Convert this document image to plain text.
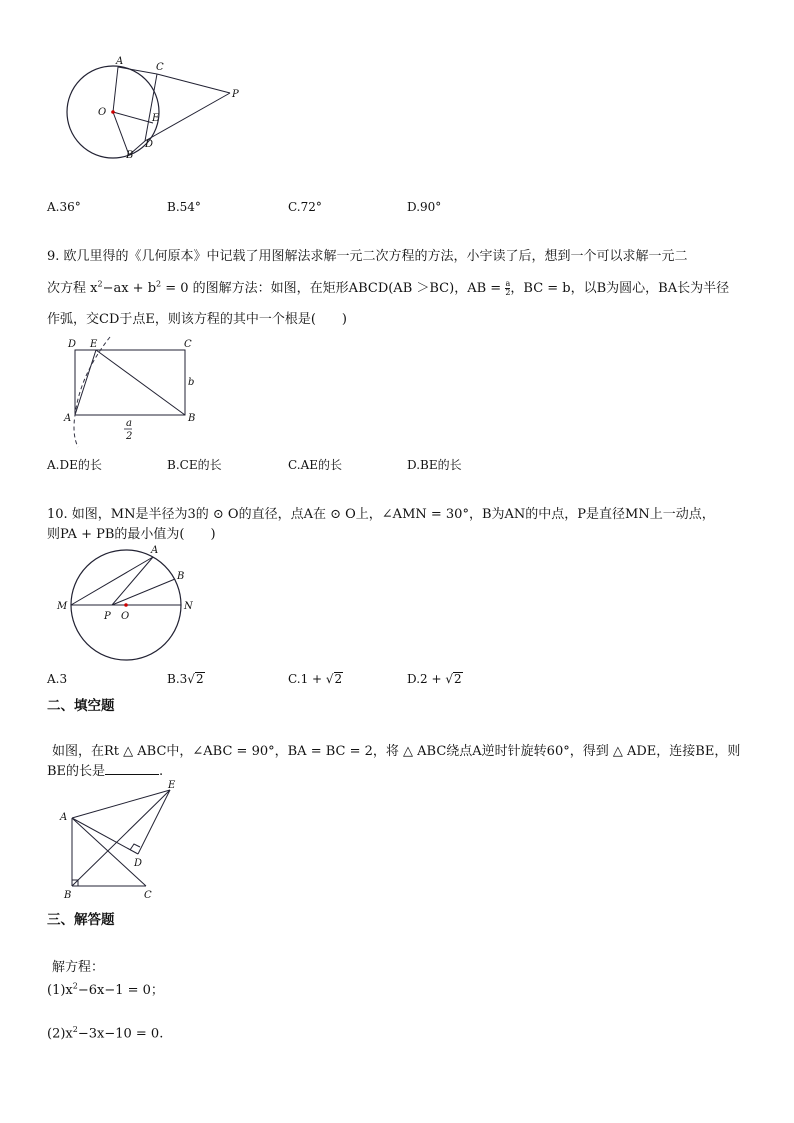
A
C
O
E
D
B
P
A.36°	B.54°	C.72°	D.90°
9. 欧几里得的《几何原本》中记载了用图解法求解一元二次方程的方法，小宇读了后，想到一个可以求解一元二
次方程 $x^2-ax + b^2 = 0$ 的图解方法：如图，在矩形ABCD(AB ＞BC)，AB = $\frac{a}{2}$ ，BC = b，以B为圆心，BA长为半径
作弧，交CD于点E，则该方程的其中一个根是(　　)
D E	C
A	B
b
a
2
A.DE的长	B.CE的长	C.AE的长	D.BE的长
10. 如图，MN是半径为3的 ⊙ O的直径，点A在 ⊙ O上，∠AMN = 30°，B为AN的中点，P是直径MN上一动点，
则PA + PB的最小值为(　　)
A
B
M	N
P O
A.3	B.3√2	C.1 + √2	D.2 + √2
二、填空题
如图，在Rt △ ABC中，∠ABC = 90°，BA = BC = 2，将 △ ABC绕点A逆时针旋转60°，得到 △ ADE，连接BE，则
BE的长是	.
A
E
D
B	C
三、解答题
解方程：
$(1)x^2-6x-1 = 0$；
$(2)x^2-3x-10 = 0$.
